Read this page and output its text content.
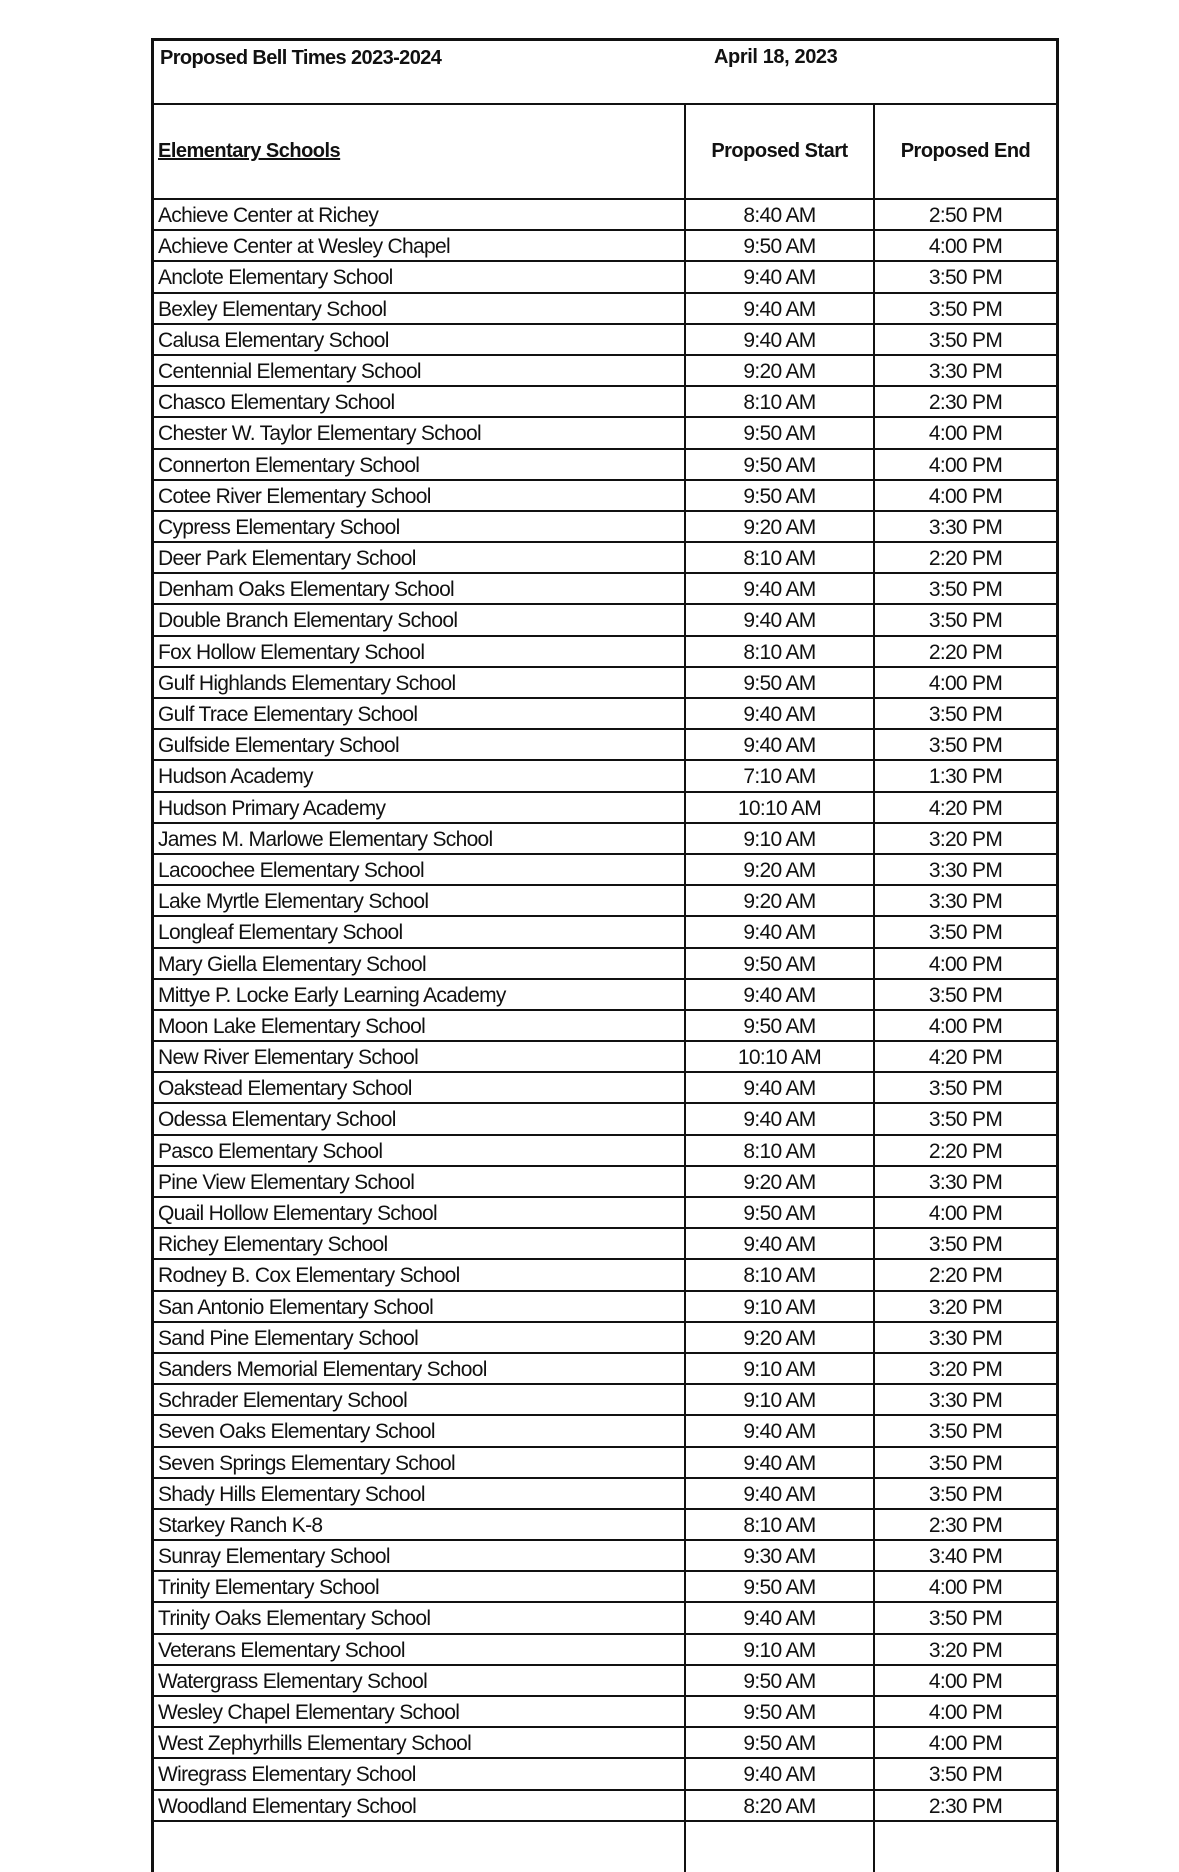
Proposed Bell Times 2023-2024	April 18, 2023
Elementary Schools	Proposed Start	Proposed End
Achieve Center at Richey	8:40 AM	2:50 PM
Achieve Center at Wesley Chapel	9:50 AM	4:00 PM
Anclote Elementary School	9:40 AM	3:50 PM
Bexley Elementary School	9:40 AM	3:50 PM
Calusa Elementary School	9:40 AM	3:50 PM
Centennial Elementary School	9:20 AM	3:30 PM
Chasco Elementary School	8:10 AM	2:30 PM
Chester W. Taylor Elementary School	9:50 AM	4:00 PM
Connerton Elementary School	9:50 AM	4:00 PM
Cotee River Elementary School	9:50 AM	4:00 PM
Cypress Elementary School	9:20 AM	3:30 PM
Deer Park Elementary School	8:10 AM	2:20 PM
Denham Oaks Elementary School	9:40 AM	3:50 PM
Double Branch Elementary School	9:40 AM	3:50 PM
Fox Hollow Elementary School	8:10 AM	2:20 PM
Gulf Highlands Elementary School	9:50 AM	4:00 PM
Gulf Trace Elementary School	9:40 AM	3:50 PM
Gulfside Elementary School	9:40 AM	3:50 PM
Hudson Academy	7:10 AM	1:30 PM
Hudson Primary Academy	10:10 AM	4:20 PM
James M. Marlowe Elementary School	9:10 AM	3:20 PM
Lacoochee Elementary School	9:20 AM	3:30 PM
Lake Myrtle Elementary School	9:20 AM	3:30 PM
Longleaf Elementary School	9:40 AM	3:50 PM
Mary Giella Elementary School	9:50 AM	4:00 PM
Mittye P. Locke Early Learning Academy	9:40 AM	3:50 PM
Moon Lake Elementary School	9:50 AM	4:00 PM
New River Elementary School	10:10 AM	4:20 PM
Oakstead Elementary School	9:40 AM	3:50 PM
Odessa Elementary School	9:40 AM	3:50 PM
Pasco Elementary School	8:10 AM	2:20 PM
Pine View Elementary School	9:20 AM	3:30 PM
Quail Hollow Elementary School	9:50 AM	4:00 PM
Richey Elementary School	9:40 AM	3:50 PM
Rodney B. Cox Elementary School	8:10 AM	2:20 PM
San Antonio Elementary School	9:10 AM	3:20 PM
Sand Pine Elementary School	9:20 AM	3:30 PM
Sanders Memorial Elementary School	9:10 AM	3:20 PM
Schrader Elementary School	9:10 AM	3:30 PM
Seven Oaks Elementary School	9:40 AM	3:50 PM
Seven Springs Elementary School	9:40 AM	3:50 PM
Shady Hills Elementary School	9:40 AM	3:50 PM
Starkey Ranch K-8	8:10 AM	2:30 PM
Sunray Elementary School	9:30 AM	3:40 PM
Trinity Elementary School	9:50 AM	4:00 PM
Trinity Oaks Elementary School	9:40 AM	3:50 PM
Veterans Elementary School	9:10 AM	3:20 PM
Watergrass Elementary School	9:50 AM	4:00 PM
Wesley Chapel Elementary School	9:50 AM	4:00 PM
West Zephyrhills Elementary School	9:50 AM	4:00 PM
Wiregrass Elementary School	9:40 AM	3:50 PM
Woodland Elementary School	8:20 AM	2:30 PM
